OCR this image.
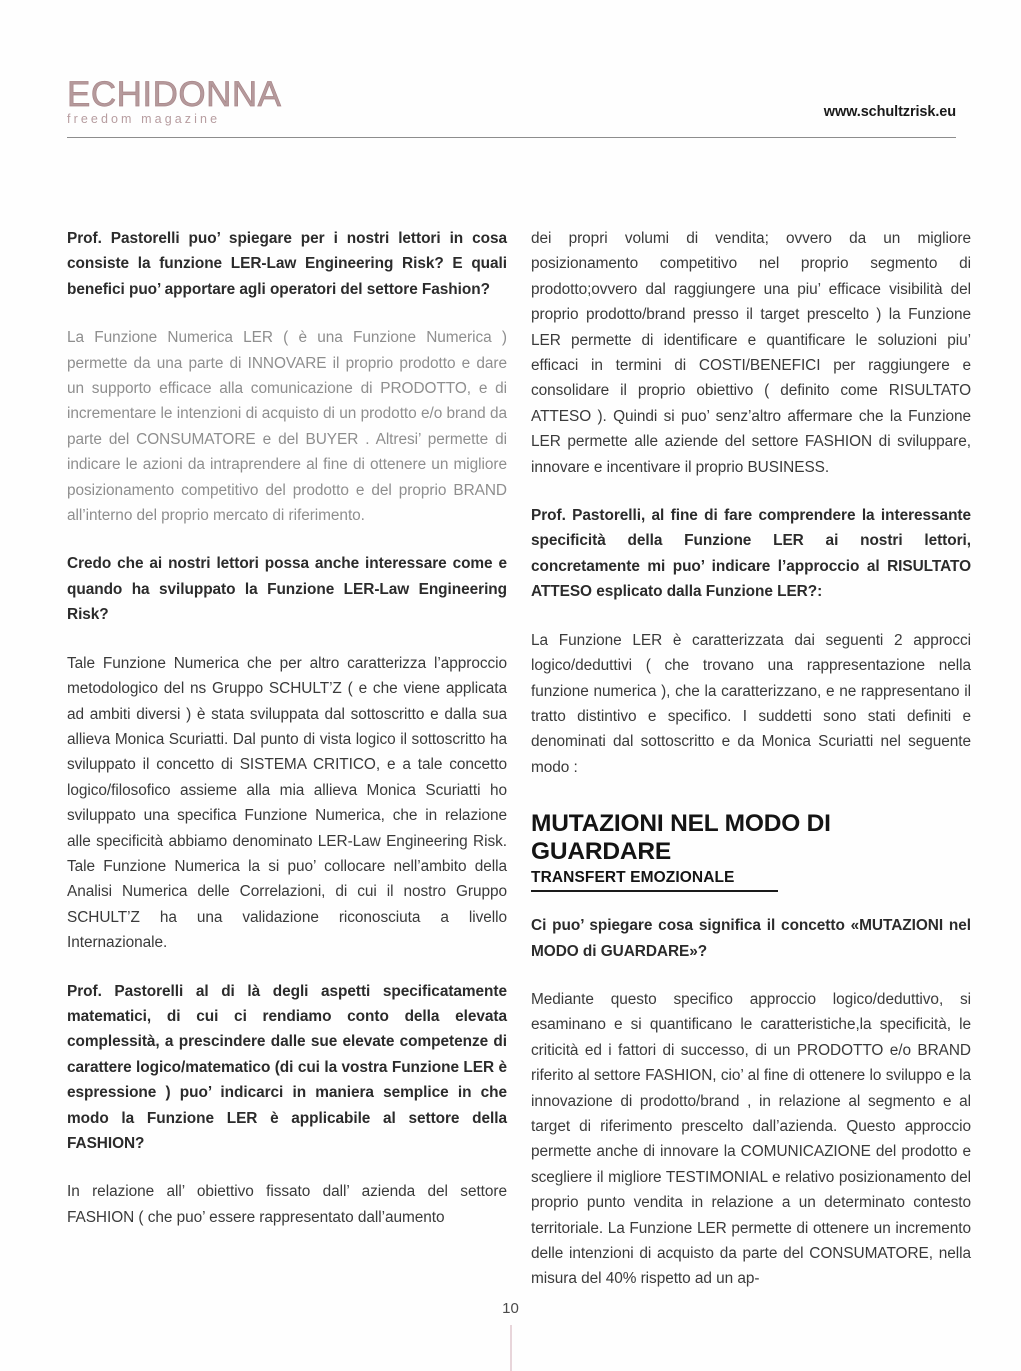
ECHIDONNA
freedom magazine	www.schultzrisk.eu

Prof. Pastorelli puo’ spiegare per i nostri lettori in cosa consiste la funzione LER-Law Engineering Risk? E quali benefici puo’ apportare agli operatori del settore Fashion?

La Funzione Numerica LER ( è una Funzione Numerica ) permette da una parte di INNOVARE il proprio prodotto e dare un supporto efficace alla comunicazione di PRODOTTO, e di incrementare le intenzioni di acquisto di un prodotto e/o brand da parte del CONSUMATORE e del BUYER . Altresi’ permette di indicare le azioni da intraprendere al fine di ottenere un migliore posizionamento competitivo del prodotto e del proprio BRAND all’interno del proprio mercato di riferimento.

Credo che ai nostri lettori possa anche interessare come e quando ha sviluppato la Funzione LER-Law Engineering Risk?

Tale Funzione Numerica che per altro caratterizza l’approccio metodologico del ns Gruppo SCHULT’Z ( e che viene applicata ad ambiti diversi ) è stata sviluppata dal sottoscritto e dalla sua allieva Monica Scuriatti. Dal punto di vista logico il sottoscritto ha sviluppato il concetto di SISTEMA CRITICO, e a tale concetto logico/filosofico assieme alla mia allieva Monica Scuriatti ho sviluppato una specifica Funzione Numerica, che in relazione alle specificità abbiamo denominato LER-Law Engineering Risk. Tale Funzione Numerica la si puo’ collocare nell’ambito della Analisi Numerica delle Correlazioni, di cui il nostro Gruppo SCHULT’Z ha una validazione riconosciuta a livello Internazionale.

Prof. Pastorelli al di là degli aspetti specificatamente matematici, di cui ci rendiamo conto della elevata complessità, a prescindere dalle sue elevate competenze di carattere logico/matematico (di cui la vostra Funzione LER è espressione ) puo’ indicarci in maniera semplice in che modo la Funzione LER è applicabile al settore della FASHION?

In relazione all’ obiettivo fissato dall’ azienda del settore FASHION ( che puo’ essere rappresentato dall’aumento

dei propri volumi di vendita; ovvero da un migliore posizionamento competitivo nel proprio segmento di prodotto;ovvero dal raggiungere una piu’ efficace visibilità del proprio prodotto/brand presso il target prescelto ) la Funzione LER permette di identificare e quantificare le soluzioni piu’ efficaci in termini di COSTI/BENEFICI per raggiungere e consolidare il proprio obiettivo ( definito come RISULTATO ATTESO ). Quindi si puo’ senz’altro affermare che la Funzione LER permette alle aziende del settore FASHION di sviluppare, innovare e incentivare il proprio BUSINESS.

Prof. Pastorelli, al fine di fare comprendere la interessante specificità della Funzione LER ai nostri lettori, concretamente mi puo’ indicare l’approccio al RISULTATO ATTESO esplicato dalla Funzione LER?:

La Funzione LER è caratterizzata dai seguenti 2 approcci logico/deduttivi ( che trovano una rappresentazione nella funzione numerica ), che la caratterizzano, e ne rappresentano il tratto distintivo e specifico. I suddetti sono stati definiti e denominati dal sottoscritto e da Monica Scuriatti nel seguente modo :

MUTAZIONI NEL MODO DI GUARDARE
TRANSFERT EMOZIONALE

Ci puo’ spiegare cosa significa il concetto «MUTAZIONI nel MODO di GUARDARE»?

Mediante questo specifico approccio logico/deduttivo, si esaminano e si quantificano le caratteristiche,la specificità, le criticità ed i fattori di successo, di un PRODOTTO e/o BRAND riferito al settore FASHION, cio’ al fine di ottenere lo sviluppo e la innovazione di prodotto/brand , in relazione al segmento e al target di riferimento prescelto dall’azienda. Questo approccio permette anche di innovare la COMUNICAZIONE del prodotto e scegliere il migliore TESTIMONIAL e relativo posizionamento del proprio punto vendita in relazione a un determinato contesto territoriale. La Funzione LER permette di ottenere un incremento delle intenzioni di acquisto da parte del CONSUMATORE, nella misura del 40% rispetto ad un ap-

10
